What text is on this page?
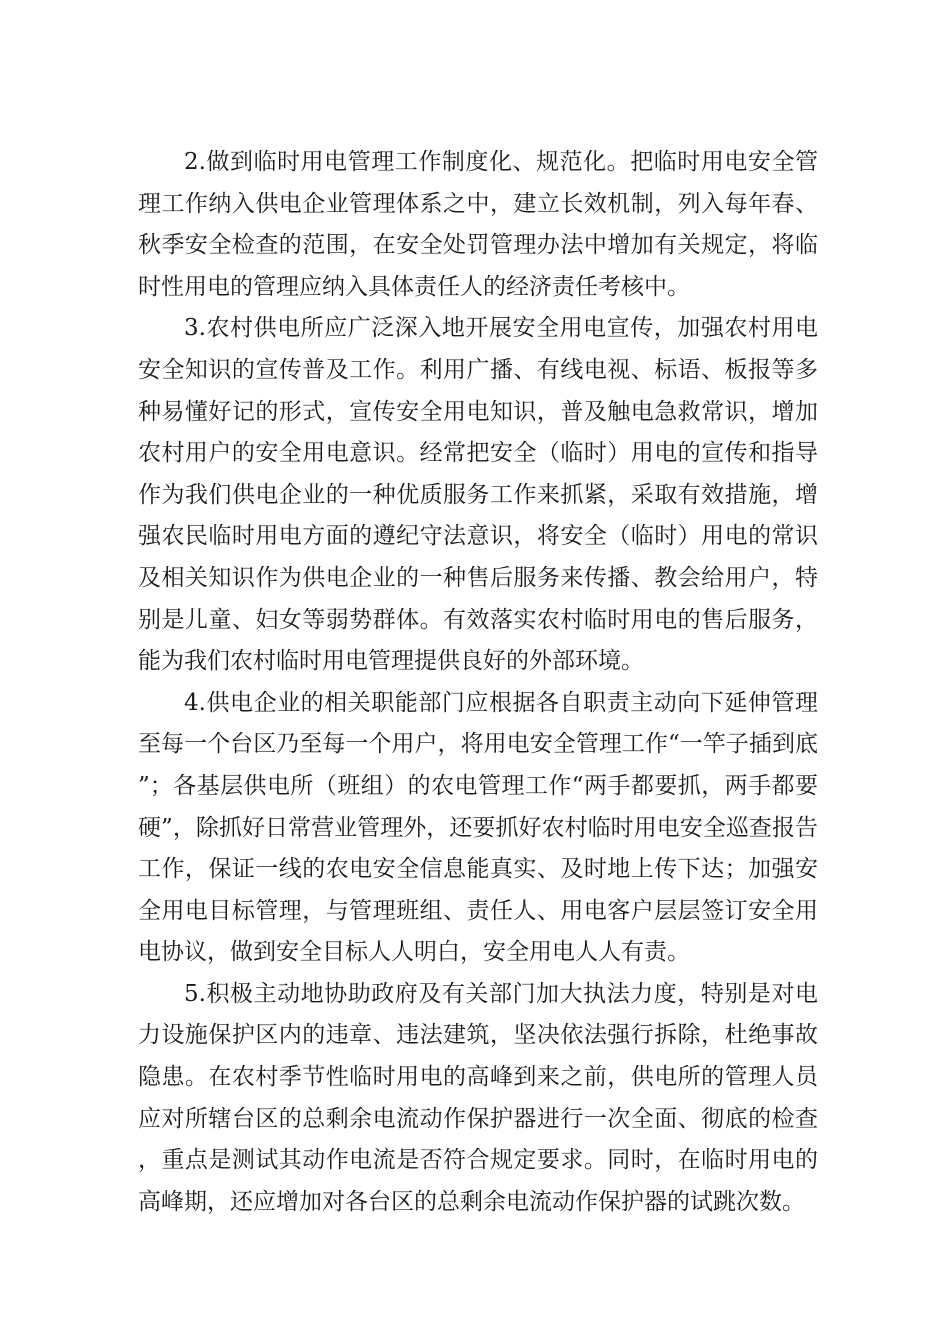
2.做到临时用电管理工作制度化、规范化。把临时用电安全管理工作纳入供电企业管理体系之中，建立长效机制，列入每年春、秋季安全检查的范围，在安全处罚管理办法中增加有关规定，将临时性用电的管理应纳入具体责任人的经济责任考核中。

3.农村供电所应广泛深入地开展安全用电宣传，加强农村用电安全知识的宣传普及工作。利用广播、有线电视、标语、板报等多种易懂好记的形式，宣传安全用电知识，普及触电急救常识，增加农村用户的安全用电意识。经常把安全（临时）用电的宣传和指导作为我们供电企业的一种优质服务工作来抓紧，采取有效措施，增强农民临时用电方面的遵纪守法意识，将安全（临时）用电的常识及相关知识作为供电企业的一种售后服务来传播、教会给用户，特别是儿童、妇女等弱势群体。有效落实农村临时用电的售后服务，能为我们农村临时用电管理提供良好的外部环境。

4.供电企业的相关职能部门应根据各自职责主动向下延伸管理至每一个台区乃至每一个用户，将用电安全管理工作“一竿子插到底”；各基层供电所（班组）的农电管理工作“两手都要抓，两手都要硬”，除抓好日常营业管理外，还要抓好农村临时用电安全巡查报告工作，保证一线的农电安全信息能真实、及时地上传下达；加强安全用电目标管理，与管理班组、责任人、用电客户层层签订安全用电协议，做到安全目标人人明白，安全用电人人有责。

5.积极主动地协助政府及有关部门加大执法力度，特别是对电力设施保护区内的违章、违法建筑，坚决依法强行拆除，杜绝事故隐患。在农村季节性临时用电的高峰到来之前，供电所的管理人员应对所辖台区的总剩余电流动作保护器进行一次全面、彻底的检查，重点是测试其动作电流是否符合规定要求。同时，在临时用电的高峰期，还应增加对各台区的总剩余电流动作保护器的试跳次数。
